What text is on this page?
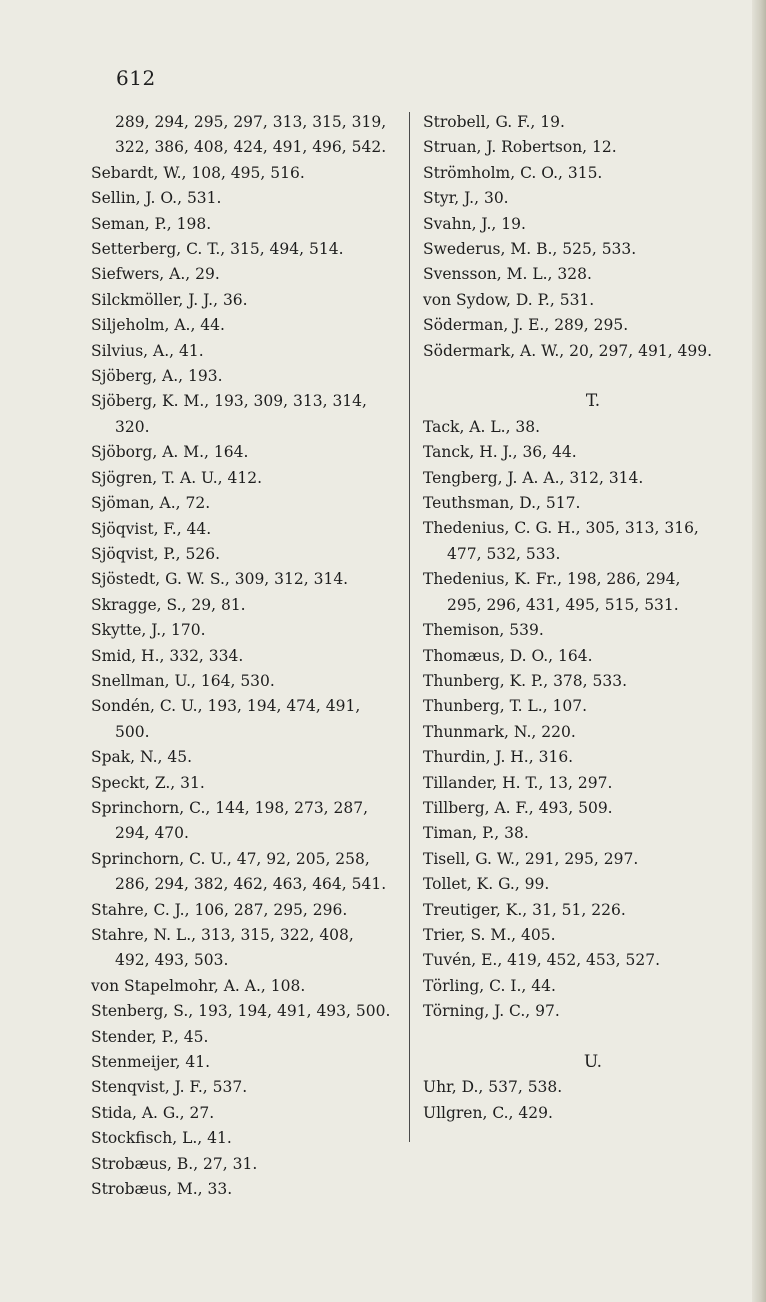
612
289, 294, 295, 297, 313, 315, 319,
322, 386, 408, 424, 491, 496, 542.
Sebardt, W., 108, 495, 516.
Sellin, J. O., 531.
Seman, P., 198.
Setterberg, C. T., 315, 494, 514.
Siefwers, A., 29.
Silckmöller, J. J., 36.
Siljeholm, A., 44.
Silvius, A., 41.
Sjöberg, A., 193.
Sjöberg, K. M., 193, 309, 313, 314,
320.
Sjöborg, A. M., 164.
Sjögren, T. A. U., 412.
Sjöman, A., 72.
Sjöqvist, F., 44.
Sjöqvist, P., 526.
Sjöstedt, G. W. S., 309, 312, 314.
Skragge, S., 29, 81.
Skytte, J., 170.
Smid, H., 332, 334.
Snellman, U., 164, 530.
Sondén, C. U., 193, 194, 474, 491,
500.
Spak, N., 45.
Speckt, Z., 31.
Sprinchorn, C., 144, 198, 273, 287,
294, 470.
Sprinchorn, C. U., 47, 92, 205, 258,
286, 294, 382, 462, 463, 464, 541.
Stahre, C. J., 106, 287, 295, 296.
Stahre, N. L., 313, 315, 322, 408,
492, 493, 503.
von Stapelmohr, A. A., 108.
Stenberg, S., 193, 194, 491, 493, 500.
Stender, P., 45.
Stenmeijer, 41.
Stenqvist, J. F., 537.
Stida, A. G., 27.
Stockfisch, L., 41.
Strobæus, B., 27, 31.
Strobæus, M., 33.
Strobell, G. F., 19.
Struan, J. Robertson, 12.
Strömholm, C. O., 315.
Styr, J., 30.
Svahn, J., 19.
Swederus, M. B., 525, 533.
Svensson, M. L., 328.
von Sydow, D. P., 531.
Söderman, J. E., 289, 295.
Södermark, A. W., 20, 297, 491, 499.
T.
Tack, A. L., 38.
Tanck, H. J., 36, 44.
Tengberg, J. A. A., 312, 314.
Teuthsman, D., 517.
Thedenius, C. G. H., 305, 313, 316,
477, 532, 533.
Thedenius, K. Fr., 198, 286, 294,
295, 296, 431, 495, 515, 531.
Themison, 539.
Thomæus, D. O., 164.
Thunberg, K. P., 378, 533.
Thunberg, T. L., 107.
Thunmark, N., 220.
Thurdin, J. H., 316.
Tillander, H. T., 13, 297.
Tillberg, A. F., 493, 509.
Timan, P., 38.
Tisell, G. W., 291, 295, 297.
Tollet, K. G., 99.
Treutiger, K., 31, 51, 226.
Trier, S. M., 405.
Tuvén, E., 419, 452, 453, 527.
Törling, C. I., 44.
Törning, J. C., 97.
U.
Uhr, D., 537, 538.
Ullgren, C., 429.
